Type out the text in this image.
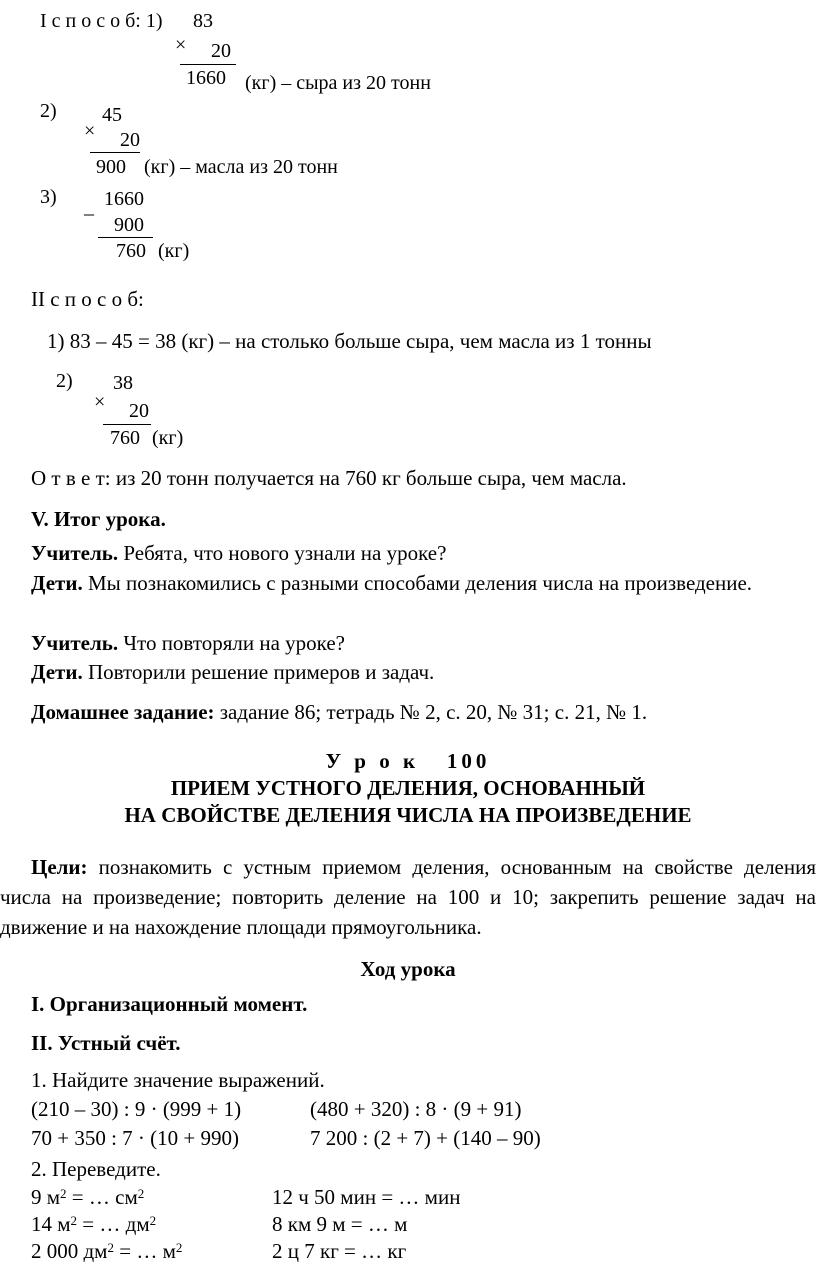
I с п о с о б: 1) 83
× 20
1660 (кг) – сыра из 20 тонн
2) 45
× 20
900 (кг) – масла из 20 тонн
3) 1660
_
900
760 (кг)
II с п о с о б:
1) 83 – 45 = 38 (кг) – на столько больше сыра, чем масла из 1 тонны
2) 38
× 20
760 (кг)
О т в е т: из 20 тонн получается на 760 кг больше сыра, чем масла.
V. Итог урока.
Учитель. Ребята, что нового узнали на уроке?
Дети. Мы познакомились с разными способами деления числа на произведение.
Учитель. Что повторяли на уроке?
Дети. Повторили решение примеров и задач.
Домашнее задание: задание 86; тетрадь № 2, с. 20, № 31; с. 21, № 1.
У р о к   100
ПРИЕМ УСТНОГО ДЕЛЕНИЯ, ОСНОВАННЫЙ
НА СВОЙСТВЕ ДЕЛЕНИЯ ЧИСЛА НА ПРОИЗВЕДЕНИЕ
Цели: познакомить с устным приемом деления, основанным на свойстве деления числа на произведение; повторить деление на 100 и 10; закрепить решение задач на движение и на нахождение площади прямоугольника.
Ход урока
I. Организационный момент.
II. Устный счёт.
1. Найдите значение выражений.
(210 – 30) : 9 · (999 + 1)	(480 + 320) : 8 · (9 + 91)
70 + 350 : 7 · (10 + 990)	7 200 : (2 + 7) + (140 – 90)
2. Переведите.
9 $м^2$ = … $см^2$	12 ч 50 мин = … мин
14 $м^2$ = … $дм^2$	8 км 9 м = … м
2 000 $дм^2$ = … $м^2$	2 ц 7 кг = … кг
